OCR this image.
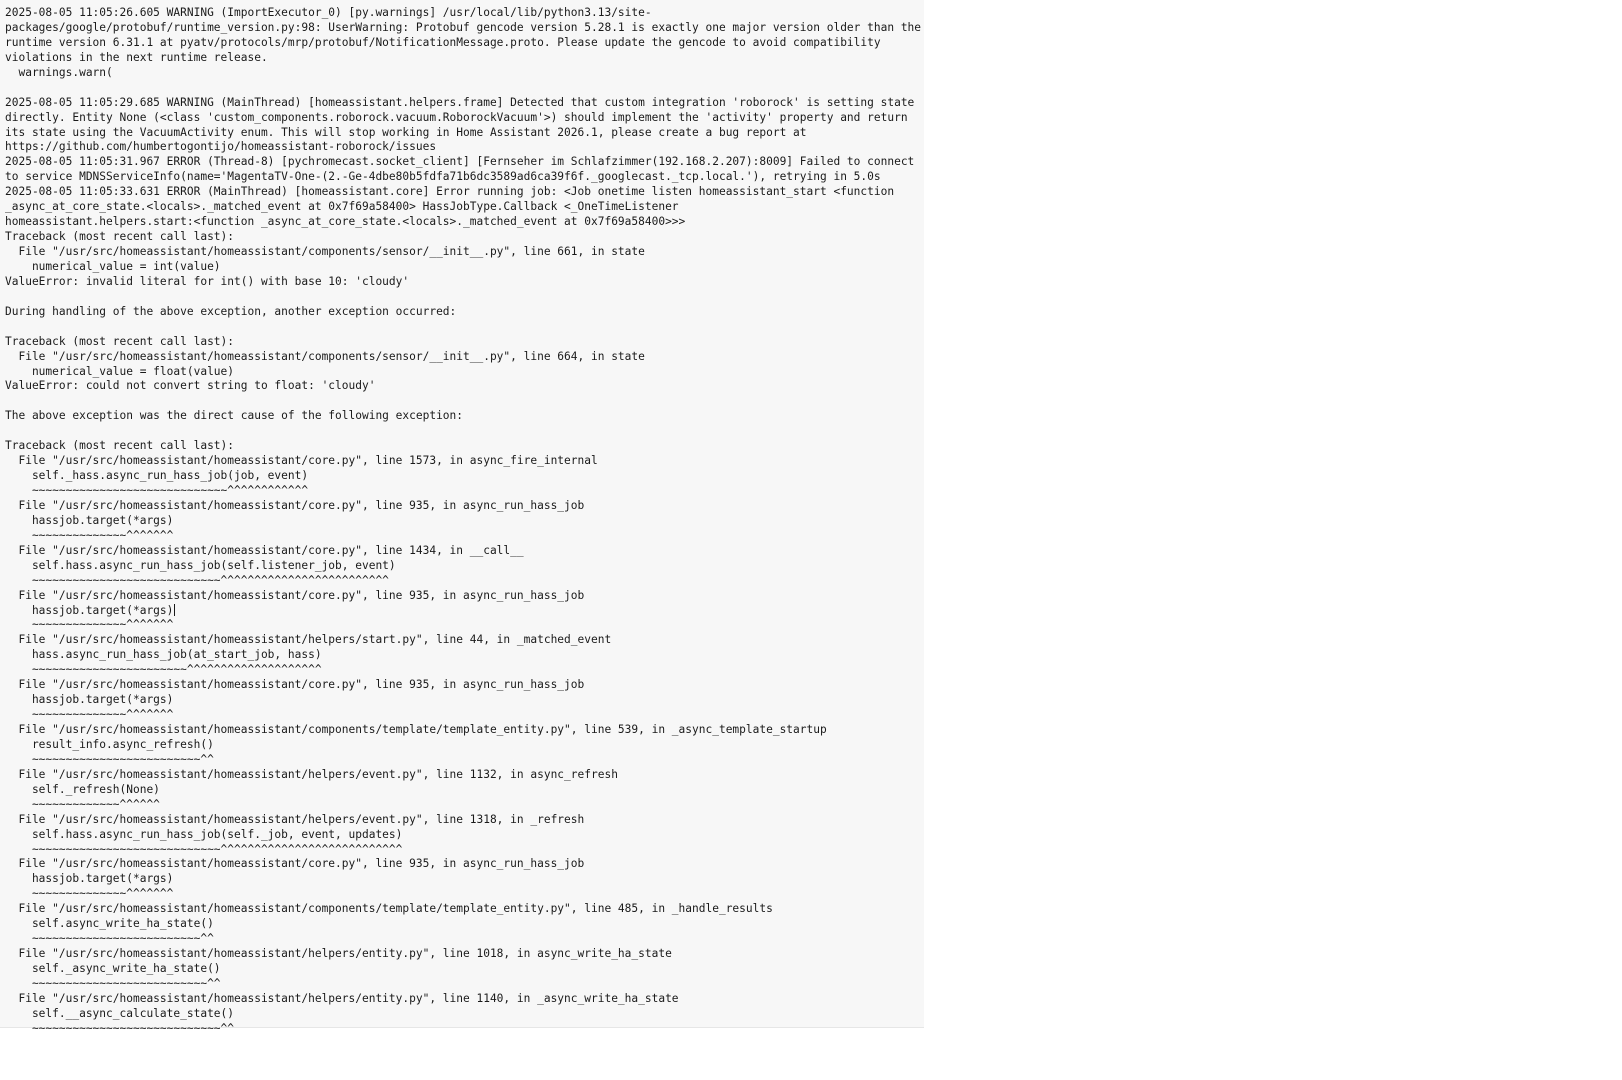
2025-08-05 11:05:26.605 WARNING (ImportExecutor_0) [py.warnings] /usr/local/lib/python3.13/site-
packages/google/protobuf/runtime_version.py:98: UserWarning: Protobuf gencode version 5.28.1 is exactly one major version older than the
runtime version 6.31.1 at pyatv/protocols/mrp/protobuf/NotificationMessage.proto. Please update the gencode to avoid compatibility
violations in the next runtime release.
warnings.warn(
2025-08-05 11:05:29.685 WARNING (MainThread) [homeassistant.helpers.frame] Detected that custom integration 'roborock' is setting state
directly. Entity None (<class 'custom_components.roborock.vacuum.RoborockVacuum'>) should implement the 'activity' property and return
its state using the VacuumActivity enum. This will stop working in Home Assistant 2026.1, please create a bug report at
https://github.com/humbertogontijo/homeassistant-roborock/issues
2025-08-05 11:05:31.967 ERROR (Thread-8) [pychromecast.socket_client] [Fernseher im Schlafzimmer(192.168.2.207):8009] Failed to connect
to service MDNSServiceInfo(name='MagentaTV-One-(2.-Ge-4dbe80b5fdfa71b6dc3589ad6ca39f6f._googlecast._tcp.local.'), retrying in 5.0s
2025-08-05 11:05:33.631 ERROR (MainThread) [homeassistant.core] Error running job: <Job onetime listen homeassistant_start <function
_async_at_core_state.<locals>._matched_event at 0x7f69a58400> HassJobType.Callback <_OneTimeListener
homeassistant.helpers.start:<function _async_at_core_state.<locals>._matched_event at 0x7f69a58400>>>
Traceback (most recent call last):
File "/usr/src/homeassistant/homeassistant/components/sensor/__init__.py", line 661, in state
numerical_value = int(value)
ValueError: invalid literal for int() with base 10: 'cloudy'
During handling of the above exception, another exception occurred:
Traceback (most recent call last):
File "/usr/src/homeassistant/homeassistant/components/sensor/__init__.py", line 664, in state
numerical_value = float(value)
ValueError: could not convert string to float: 'cloudy'
The above exception was the direct cause of the following exception:
Traceback (most recent call last):
File "/usr/src/homeassistant/homeassistant/core.py", line 1573, in async_fire_internal
self._hass.async_run_hass_job(job, event)
~~~~~~~~~~~~~~~~~~~~~~~~~~~~~^^^^^^^^^^^^
File "/usr/src/homeassistant/homeassistant/core.py", line 935, in async_run_hass_job
hassjob.target(*args)
~~~~~~~~~~~~~~^^^^^^^
File "/usr/src/homeassistant/homeassistant/core.py", line 1434, in __call__
self.hass.async_run_hass_job(self.listener_job, event)
~~~~~~~~~~~~~~~~~~~~~~~~~~~~^^^^^^^^^^^^^^^^^^^^^^^^^
File "/usr/src/homeassistant/homeassistant/core.py", line 935, in async_run_hass_job
hassjob.target(*args)
~~~~~~~~~~~~~~^^^^^^^
File "/usr/src/homeassistant/homeassistant/helpers/start.py", line 44, in _matched_event
hass.async_run_hass_job(at_start_job, hass)
~~~~~~~~~~~~~~~~~~~~~~~^^^^^^^^^^^^^^^^^^^^
File "/usr/src/homeassistant/homeassistant/core.py", line 935, in async_run_hass_job
hassjob.target(*args)
~~~~~~~~~~~~~~^^^^^^^
File "/usr/src/homeassistant/homeassistant/components/template/template_entity.py", line 539, in _async_template_startup
result_info.async_refresh()
~~~~~~~~~~~~~~~~~~~~~~~~~^^
File "/usr/src/homeassistant/homeassistant/helpers/event.py", line 1132, in async_refresh
self._refresh(None)
~~~~~~~~~~~~~^^^^^^
File "/usr/src/homeassistant/homeassistant/helpers/event.py", line 1318, in _refresh
self.hass.async_run_hass_job(self._job, event, updates)
~~~~~~~~~~~~~~~~~~~~~~~~~~~~^^^^^^^^^^^^^^^^^^^^^^^^^^^
File "/usr/src/homeassistant/homeassistant/core.py", line 935, in async_run_hass_job
hassjob.target(*args)
~~~~~~~~~~~~~~^^^^^^^
File "/usr/src/homeassistant/homeassistant/components/template/template_entity.py", line 485, in _handle_results
self.async_write_ha_state()
~~~~~~~~~~~~~~~~~~~~~~~~~^^
File "/usr/src/homeassistant/homeassistant/helpers/entity.py", line 1018, in async_write_ha_state
self._async_write_ha_state()
~~~~~~~~~~~~~~~~~~~~~~~~~~^^
File "/usr/src/homeassistant/homeassistant/helpers/entity.py", line 1140, in _async_write_ha_state
self.__async_calculate_state()
~~~~~~~~~~~~~~~~~~~~~~~~~~~~^^
